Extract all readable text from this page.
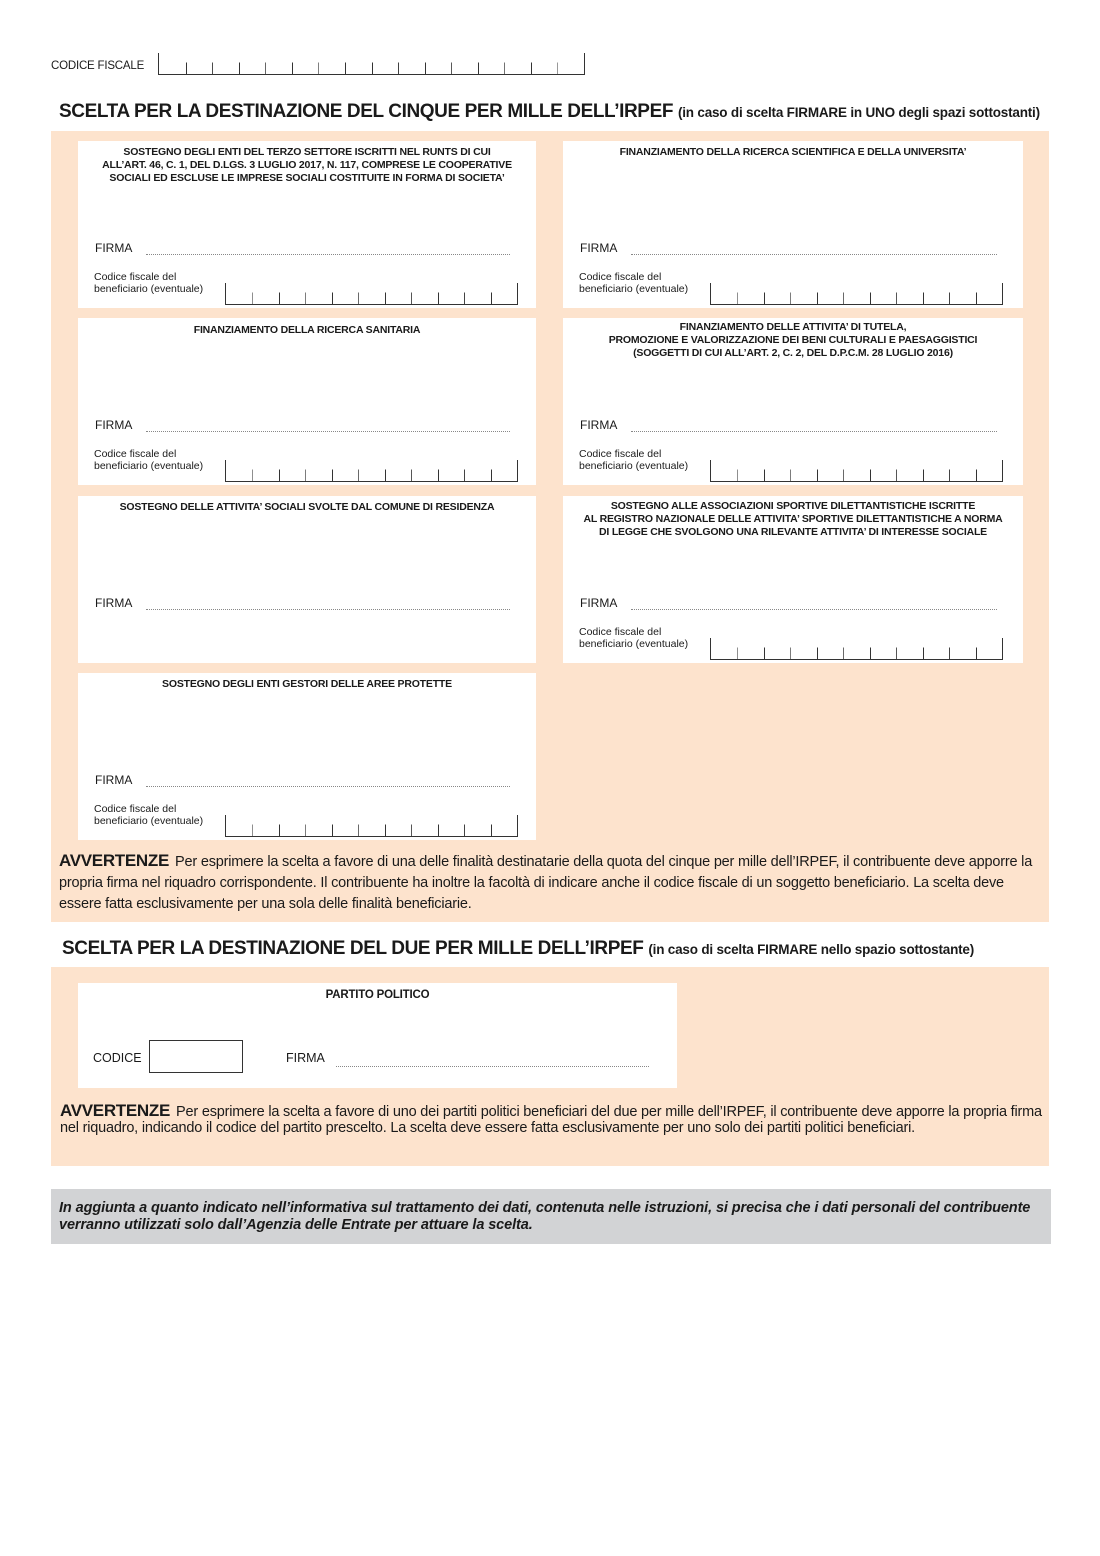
CODICE FISCALE
SCELTA PER LA DESTINAZIONE DEL CINQUE PER MILLE DELL’IRPEF (in caso di scelta FIRMARE in UNO degli spazi sottostanti)
SOSTEGNO DEGLI ENTI DEL TERZO SETTORE ISCRITTI NEL RUNTS DI CUI
ALL’ART. 46, C. 1, DEL D.LGS. 3 LUGLIO 2017, N. 117, COMPRESE LE COOPERATIVE
SOCIALI ED ESCLUSE LE IMPRESE SOCIALI COSTITUITE IN FORMA DI SOCIETA’
FIRMA
Codice fiscale del
beneficiario (eventuale)
FINANZIAMENTO DELLA RICERCA SCIENTIFICA E DELLA UNIVERSITA’
FIRMA
Codice fiscale del
beneficiario (eventuale)
FINANZIAMENTO DELLA RICERCA SANITARIA
FIRMA
Codice fiscale del
beneficiario (eventuale)
FINANZIAMENTO DELLE ATTIVITA’ DI TUTELA,
PROMOZIONE E VALORIZZAZIONE DEI BENI CULTURALI E PAESAGGISTICI
(SOGGETTI DI CUI ALL’ART. 2, C. 2, DEL D.P.C.M. 28 LUGLIO 2016)
FIRMA
Codice fiscale del
beneficiario (eventuale)
SOSTEGNO DELLE ATTIVITA’ SOCIALI SVOLTE DAL COMUNE DI RESIDENZA
FIRMA
SOSTEGNO ALLE ASSOCIAZIONI SPORTIVE DILETTANTISTICHE ISCRITTE
AL REGISTRO NAZIONALE DELLE ATTIVITA’ SPORTIVE DILETTANTISTICHE A NORMA
DI LEGGE CHE SVOLGONO UNA RILEVANTE ATTIVITA’ DI INTERESSE SOCIALE
FIRMA
Codice fiscale del
beneficiario (eventuale)
SOSTEGNO DEGLI ENTI GESTORI DELLE AREE PROTETTE
FIRMA
Codice fiscale del
beneficiario (eventuale)
AVVERTENZE Per esprimere la scelta a favore di una delle finalità destinatarie della quota del cinque per mille dell’IRPEF, il contribuente deve apporre la propria firma nel riquadro corrispondente. Il contribuente ha inoltre la facoltà di indicare anche il codice fiscale di un soggetto beneficiario. La scelta deve essere fatta esclusivamente per una sola delle finalità beneficiarie.
SCELTA PER LA DESTINAZIONE DEL DUE PER MILLE DELL’IRPEF (in caso di scelta FIRMARE nello spazio sottostante)
PARTITO POLITICO
CODICE	FIRMA
AVVERTENZE Per esprimere la scelta a favore di uno dei partiti politici beneficiari del due per mille dell’IRPEF, il contribuente deve apporre la propria firma nel riquadro, indicando il codice del partito prescelto. La scelta deve essere fatta esclusivamente per uno solo dei partiti politici beneficiari.
In aggiunta a quanto indicato nell’informativa sul trattamento dei dati, contenuta nelle istruzioni, si precisa che i dati personali del contribuente verranno utilizzati solo dall’Agenzia delle Entrate per attuare la scelta.
